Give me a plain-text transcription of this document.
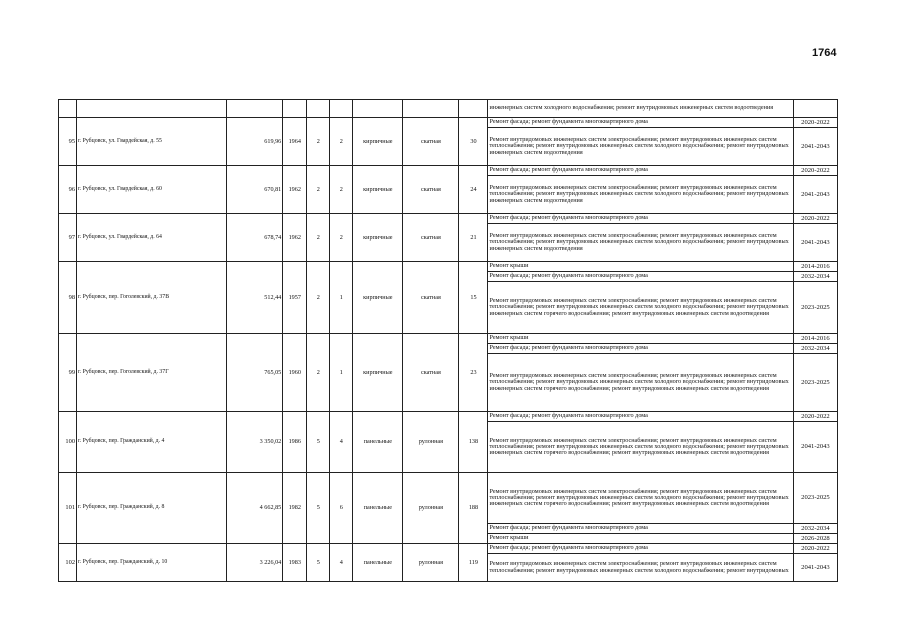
1764
									инженерных систем холодного водоснабжения; ремонт внутридомовых инженерных систем водоотведения	
95	г. Рубцовск, ул. Гвардейская, д. 55	619,96	1964	2	2	кирпичные	скатная	30	Ремонт фасада; ремонт фундамента многоквартирного дома	2020-2022
									Ремонт внутридомовых инженерных систем электроснабжения; ремонт внутридомовых инженерных систем теплоснабжения; ремонт внутридомовых инженерных систем холодного водоснабжения; ремонт внутридомовых инженерных систем водоотведения	2041-2043
96	г. Рубцовск, ул. Гвардейская, д. 60	670,81	1962	2	2	кирпичные	скатная	24	Ремонт фасада; ремонт фундамента многоквартирного дома	2020-2022
									Ремонт внутридомовых инженерных систем электроснабжения; ремонт внутридомовых инженерных систем теплоснабжения; ремонт внутридомовых инженерных систем холодного водоснабжения; ремонт внутридомовых инженерных систем водоотведения	2041-2043
97	г. Рубцовск, ул. Гвардейская, д. 64	678,74	1962	2	2	кирпичные	скатная	21	Ремонт фасада; ремонт фундамента многоквартирного дома	2020-2022
									Ремонт внутридомовых инженерных систем электроснабжения; ремонт внутридомовых инженерных систем теплоснабжения; ремонт внутридомовых инженерных систем холодного водоснабжения; ремонт внутридомовых инженерных систем водоотведения	2041-2043
98	г. Рубцовск, пер. Гоголевский, д. 37В	512,44	1957	2	1	кирпичные	скатная	15	Ремонт крыши	2014-2016
									Ремонт фасада; ремонт фундамента многоквартирного дома	2032-2034
									Ремонт внутридомовых инженерных систем электроснабжения; ремонт внутридомовых инженерных систем теплоснабжения; ремонт внутридомовых инженерных систем холодного водоснабжения; ремонт внутридомовых инженерных систем горячего водоснабжения; ремонт внутридомовых инженерных систем водоотведения	2023-2025
99	г. Рубцовск, пер. Гоголевский, д. 37Г	765,05	1960	2	1	кирпичные	скатная	23	Ремонт крыши	2014-2016
									Ремонт фасада; ремонт фундамента многоквартирного дома	2032-2034
									Ремонт внутридомовых инженерных систем электроснабжения; ремонт внутридомовых инженерных систем теплоснабжения; ремонт внутридомовых инженерных систем холодного водоснабжения; ремонт внутридомовых инженерных систем горячего водоснабжения; ремонт внутридомовых инженерных систем водоотведения	2023-2025
100	г. Рубцовск, пер. Гражданский, д. 4	3 350,02	1986	5	4	панельные	рулонная	138	Ремонт фасада; ремонт фундамента многоквартирного дома	2020-2022
									Ремонт внутридомовых инженерных систем электроснабжения; ремонт внутридомовых инженерных систем теплоснабжения; ремонт внутридомовых инженерных систем холодного водоснабжения; ремонт внутридомовых инженерных систем горячего водоснабжения; ремонт внутридомовых инженерных систем водоотведения	2041-2043
101	г. Рубцовск, пер. Гражданский, д. 8	4 662,85	1982	5	6	панельные	рулонная	188	Ремонт внутридомовых инженерных систем электроснабжения; ремонт внутридомовых инженерных систем теплоснабжения; ремонт внутридомовых инженерных систем холодного водоснабжения; ремонт внутридомовых инженерных систем горячего водоснабжения; ремонт внутридомовых инженерных систем водоотведения	2023-2025
									Ремонт фасада; ремонт фундамента многоквартирного дома	2032-2034
									Ремонт крыши	2026-2028
102	г. Рубцовск, пер. Гражданский, д. 10	3 226,04	1983	5	4	панельные	рулонная	119	Ремонт фасада; ремонт фундамента многоквартирного дома	2020-2022
									Ремонт внутридомовых инженерных систем электроснабжения; ремонт внутридомовых инженерных систем теплоснабжения; ремонт внутридомовых инженерных систем холодного водоснабжения; ремонт внутридомовых	2041-2043
